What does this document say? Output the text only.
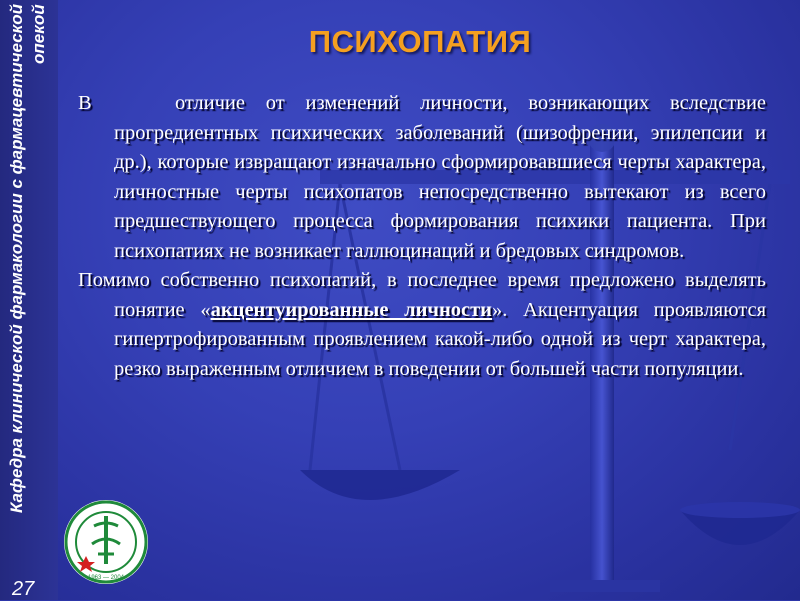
Кафедра клинической фармакологии с фармацевтической опекой
27
ПСИХОПАТИЯ

В	отличие от изменений личности, возникающих вследствие прогредиентных психических заболеваний (шизофрении, эпилепсии и др.), которые извращают изначально сформировавшиеся черты характера, личностные черты психопатов непосредственно вытекают из всего предшествующего процесса формирования психики пациента. При психопатиях не возникает галлюцинаций и бредовых синдромов.

Помимо собственно психопатий, в последнее время предложено выделять понятие «акцентуированные личности». Акцентуация проявляются гипертрофированным проявлением какой-либо одной из черт характера, резко выраженным отличием в поведении от большей части популяции.

1963 — 2004
